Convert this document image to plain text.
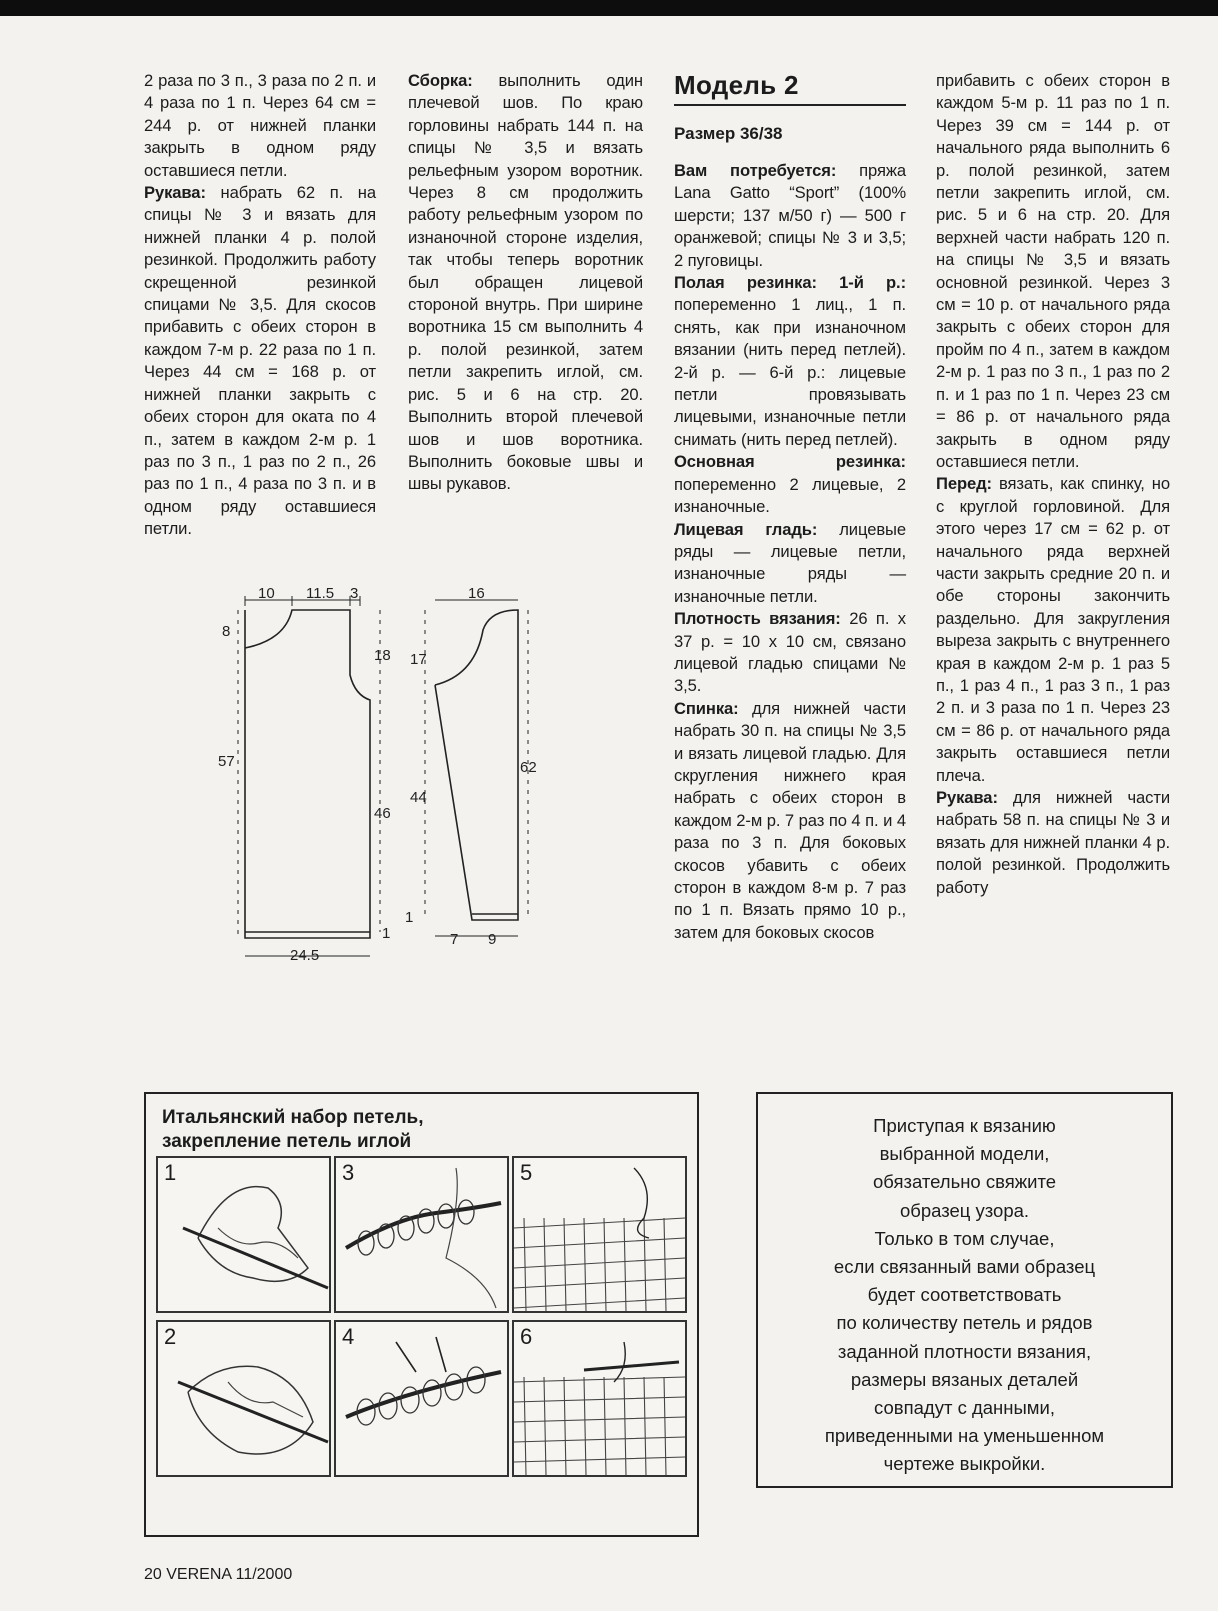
2 раза по 3 п., 3 раза по 2 п. и 4 раза по 1 п. Через 64 см = 244 р. от нижней планки закрыть в одном ряду оставшиеся петли.

Рукава: набрать 62 п. на спицы № 3 и вязать для нижней планки 4 р. полой резинкой. Продолжить работу скрещенной резинкой спицами № 3,5. Для скосов прибавить с обеих сторон в каждом 7-м р. 22 раза по 1 п. Через 44 см = 168 р. от нижней планки закрыть с обеих сторон для оката по 4 п., затем в каждом 2-м р. 1 раз по 3 п., 1 раз по 2 п., 26 раз по 1 п., 4 раза по 3 п. и в одном ряду оставшиеся петли.

Сборка: выполнить один плечевой шов. По краю горловины набрать 144 п. на спицы № 3,5 и вязать рельефным узором воротник. Через 8 см продолжить работу рельефным узором по изнаночной стороне изделия, так чтобы теперь воротник был обращен лицевой стороной внутрь. При ширине воротника 15 см выполнить 4 р. полой резинкой, затем петли закрепить иглой, см. рис. 5 и 6 на стр. 20. Выполнить второй плечевой шов и шов воротника. Выполнить боковые швы и швы рукавов.

Модель 2
Размер 36/38

Вам потребуется: пряжа Lana Gatto “Sport” (100% шерсти; 137 м/50 г) — 500 г оранжевой; спицы № 3 и 3,5; 2 пуговицы.

Полая резинка: 1-й р.: попеременно 1 лиц., 1 п. снять, как при изнаночном вязании (нить перед петлей). 2-й р. — 6-й р.: лицевые петли провязывать лицевыми, изнаночные петли снимать (нить перед петлей).

Основная резинка: попеременно 2 лицевые, 2 изнаночные.

Лицевая гладь: лицевые ряды — лицевые петли, изнаночные ряды — изнаночные петли.

Плотность вязания: 26 п. x 37 р. = 10 x 10 см, связано лицевой гладью спицами № 3,5.

Спинка: для нижней части набрать 30 п. на спицы № 3,5 и вязать лицевой гладью. Для скругления нижнего края набрать с обеих сторон в каждом 2-м р. 7 раз по 4 п. и 4 раза по 3 п. Для боковых скосов убавить с обеих сторон в каждом 8-м р. 7 раз по 1 п. Вязать прямо 10 р., затем для боковых скосов

прибавить с обеих сторон в каждом 5-м р. 11 раз по 1 п. Через 39 см = 144 р. от начального ряда выполнить 6 р. полой резинкой, затем петли закрепить иглой, см. рис. 5 и 6 на стр. 20. Для верхней части набрать 120 п. на спицы № 3,5 и вязать основной резинкой. Через 3 см = 10 р. от начального ряда закрыть с обеих сторон для пройм по 4 п., затем в каждом 2-м р. 1 раз по 3 п., 1 раз по 2 п. и 1 раз по 1 п. Через 23 см = 86 р. от начального ряда закрыть в одном ряду оставшиеся петли.

Перед: вязать, как спинку, но с круглой горловиной. Для этого через 17 см = 62 р. от начального ряда верхней части закрыть средние 20 п. и обе стороны закончить раздельно. Для закругления выреза закрыть с внутреннего края в каждом 2-м р. 1 раз 5 п., 1 раз 4 п., 1 раз 3 п., 1 раз 2 п. и 3 раза по 1 п. Через 23 см = 86 р. от начального ряда закрыть оставшиеся петли плеча.

Рукава: для нижней части набрать 58 п. на спицы № 3 и вязать для нижней планки 4 р. полой резинкой. Продолжить работу

10 11.5 3
8
18
57
46
1
24.5
16
17
62
44
1
7 9
Итальянский набор петель,
закрепление петель иглой
1
2
3
4
5
6
Приступая к вязанию
выбранной модели,
обязательно свяжите
образец узора.
Только в том случае,
если связанный вами образец
будет соответствовать
по количеству петель и рядов
заданной плотности вязания,
размеры вязаных деталей
совпадут с данными,
приведенными на уменьшенном
чертеже выкройки.
20 VERENA 11/2000
